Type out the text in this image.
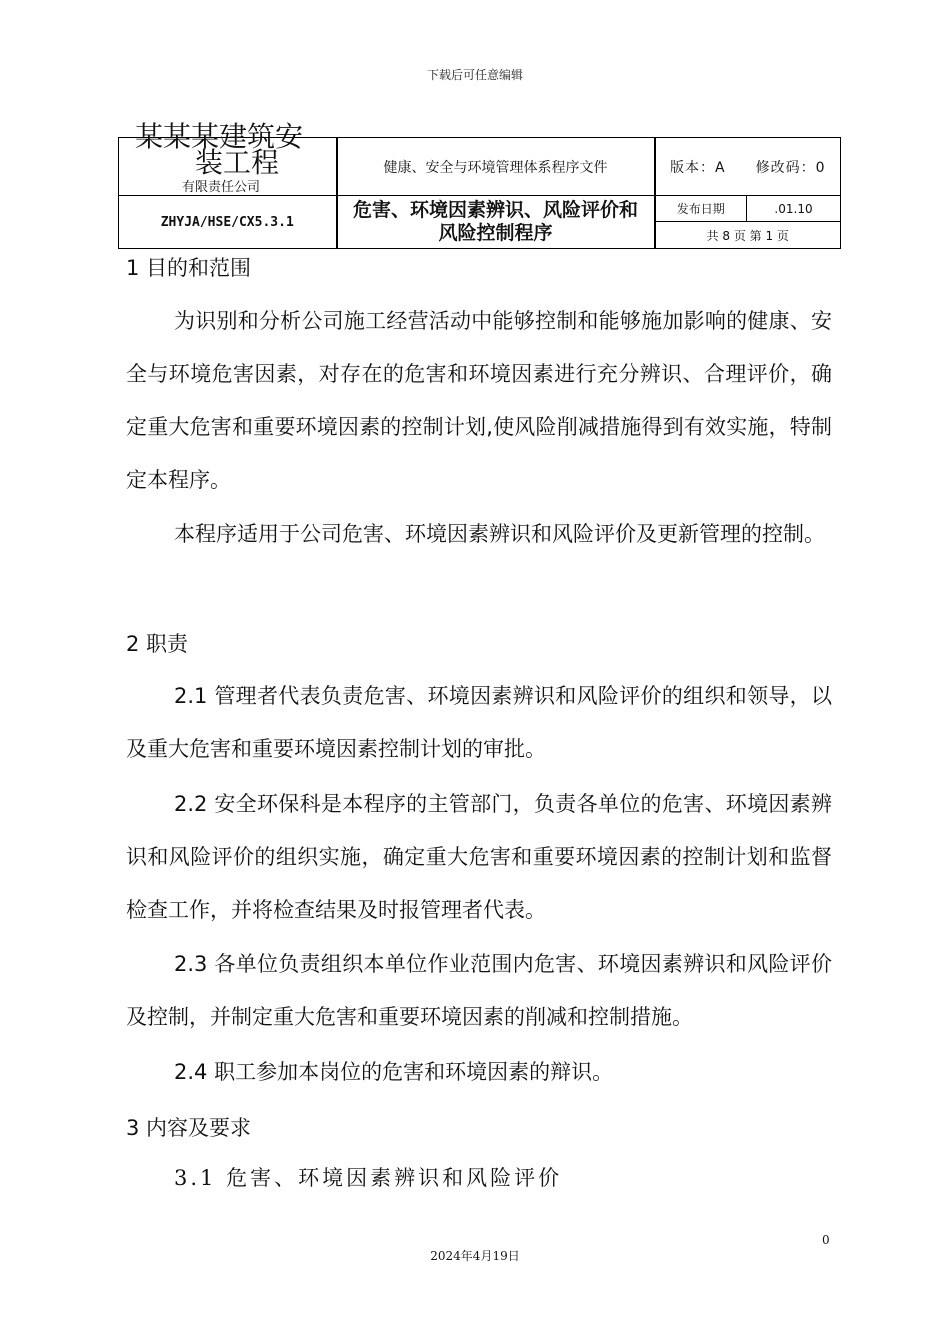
下载后可任意编辑
某某某建筑安
装工程
有限责任公司	健康、安全与环境管理体系程序文件	版本：A　　修改码：0	
ZHYJA/HSE/CX5.3.1	危害、环境因素辨识、风险评价和风险控制程序	发布日期	.01.10
		共 8 页 第 1 页	
1 目的和范围
为识别和分析公司施工经营活动中能够控制和能够施加影响的健康、安全与环境危害因素，对存在的危害和环境因素进行充分辨识、合理评价，确定重大危害和重要环境因素的控制计划,使风险削减措施得到有效实施，特制定本程序。
本程序适用于公司危害、环境因素辨识和风险评价及更新管理的控制。
2 职责
2.1 管理者代表负责危害、环境因素辨识和风险评价的组织和领导，以及重大危害和重要环境因素控制计划的审批。
2.2 安全环保科是本程序的主管部门，负责各单位的危害、环境因素辨识和风险评价的组织实施，确定重大危害和重要环境因素的控制计划和监督检查工作，并将检查结果及时报管理者代表。
2.3 各单位负责组织本单位作业范围内危害、环境因素辨识和风险评价及控制，并制定重大危害和重要环境因素的削减和控制措施。
2.4 职工参加本岗位的危害和环境因素的辩识。
3 内容及要求
3.1 危害、环境因素辨识和风险评价
0
2024年4月19日
